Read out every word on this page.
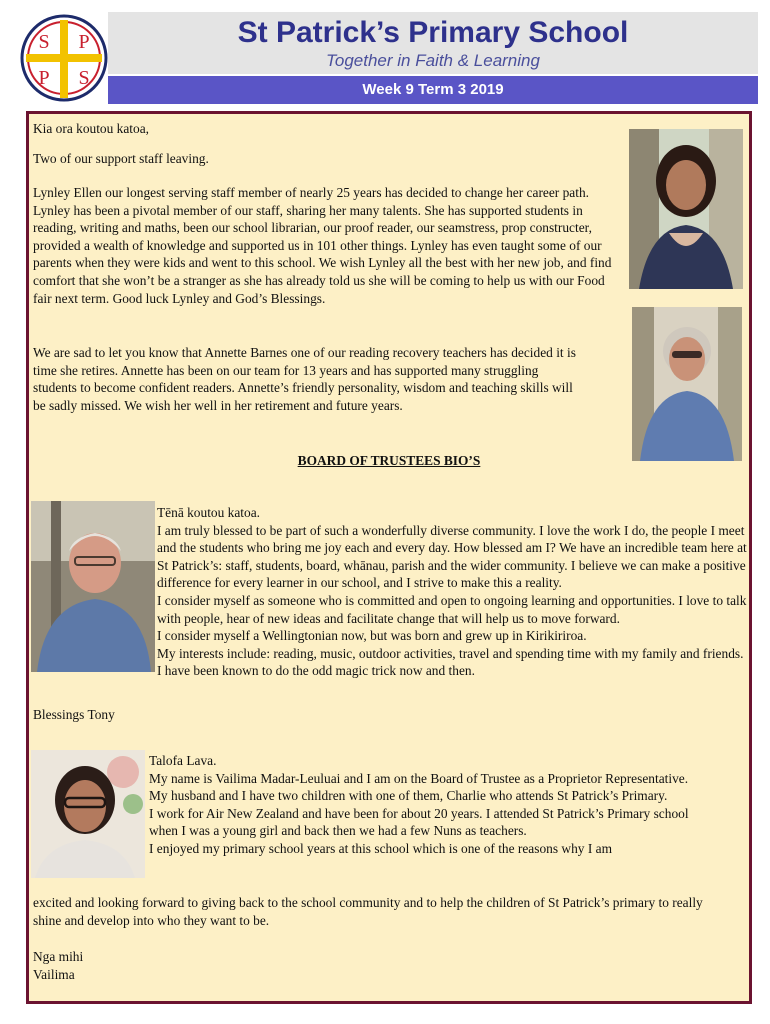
S P
P S
St Patrick’s Primary School
Together in Faith & Learning
Week 9 Term 3 2019

Kia ora koutou katoa,

Two of our support staff leaving.

Lynley Ellen our longest serving staff member of nearly 25 years has decided to change her career path. Lynley has been a pivotal member of our staff, sharing her many talents. She has supported students in reading, writing and maths, been our school librarian, our proof reader, our seamstress, prop constructer, provided a wealth of knowledge and supported us in 101 other things. Lynley has even taught some of our parents when they were kids and went to this school. We wish Lynley all the best with her new job, and find comfort that she won’t be a stranger as she has already told us she will be coming to help us with our Food fair next term. Good luck Lynley and God’s Blessings.

We are sad to let you know that Annette Barnes one of our reading recovery teachers has decided it is time she retires. Annette has been on our team for 13 years and has supported many struggling students to become confident readers. Annette’s friendly personality, wisdom and teaching skills will be sadly missed. We wish her well in her retirement and future years.

BOARD OF TRUSTEES BIO’S

Tēnā koutou katoa.
I am truly blessed to be part of such a wonderfully diverse community. I love the work I do, the people I meet and the students who bring me joy each and every day. How blessed am I? We have an incredible team here at St Patrick’s: staff, students, board, whānau, parish and the wider community. I believe we can make a positive difference for every learner in our school, and I strive to make this a reality.
I consider myself as someone who is committed and open to ongoing learning and opportunities. I love to talk with people, hear of new ideas and facilitate change that will help us to move forward.
I consider myself a Wellingtonian now, but was born and grew up in Kirikiriroa.
My interests include: reading, music, outdoor activities, travel and spending time with my family and friends. I have been known to do the odd magic trick now and then.

Blessings Tony

Talofa Lava.
My name is Vailima Madar-Leuluai and I am on the Board of Trustee as a Proprietor Representative.
My husband and I have two children with one of them, Charlie who attends St Patrick’s Primary.
I work for Air New Zealand and have been for about 20 years. I attended St Patrick’s Primary school when I was a young girl and back then we had a few Nuns as teachers.
I enjoyed my primary school years at this school which is one of the reasons why I am

excited and looking forward to giving back to the school community and to help the children of St Patrick’s primary to really shine and develop into who they want to be.

Nga mihi
Vailima
